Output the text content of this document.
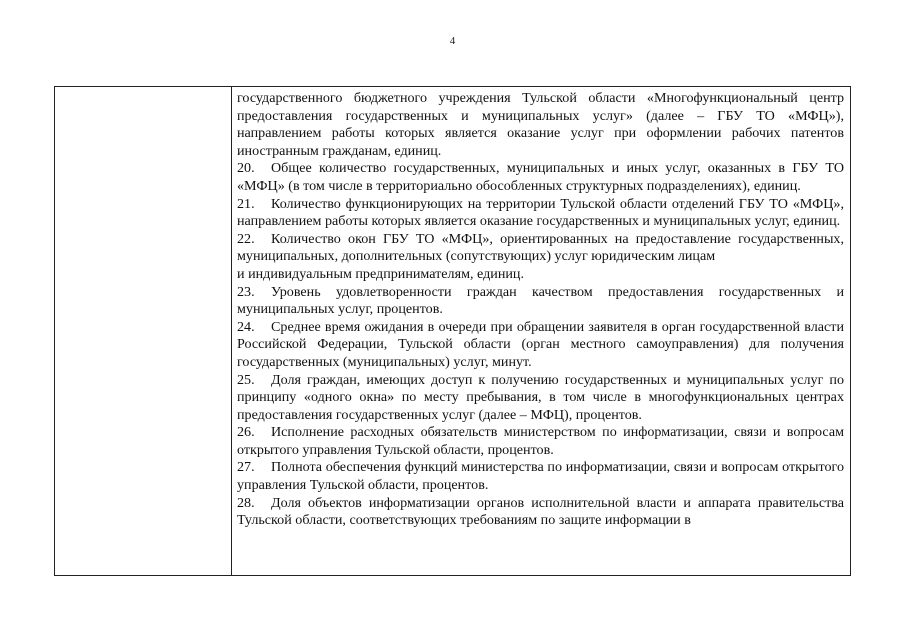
4

государственного бюджетного учреждения Тульской области «Многофункциональный центр предоставления государственных и муниципальных услуг» (далее – ГБУ ТО «МФЦ»), направлением работы которых является оказание услуг при оформлении рабочих патентов иностранным гражданам, единиц.

20. Общее количество государственных, муниципальных и иных услуг, оказанных в ГБУ ТО «МФЦ» (в том числе в территориально обособленных структурных подразделениях), единиц.

21. Количество функционирующих на территории Тульской области отделений ГБУ ТО «МФЦ», направлением работы которых является оказание государственных и муниципальных услуг, единиц.

22. Количество окон ГБУ ТО «МФЦ», ориентированных на предоставление государственных, муниципальных, дополнительных (сопутствующих) услуг юридическим лицам

и индивидуальным предпринимателям, единиц.

23. Уровень удовлетворенности граждан качеством предоставления государственных и муниципальных услуг, процентов.

24. Среднее время ожидания в очереди при обращении заявителя в орган государственной власти Российской Федерации, Тульской области (орган местного самоуправления) для получения государственных (муниципальных) услуг, минут.

25. Доля граждан, имеющих доступ к получению государственных и муниципальных услуг по принципу «одного окна» по месту пребывания, в том числе в многофункциональных центрах предоставления государственных услуг (далее – МФЦ), процентов.

26. Исполнение расходных обязательств министерством по информатизации, связи и вопросам открытого управления Тульской области, процентов.

27. Полнота обеспечения функций министерства по информатизации, связи и вопросам открытого управления Тульской области, процентов.

28. Доля объектов информатизации органов исполнительной власти и аппарата правительства Тульской области, соответствующих требованиям по защите информации в
